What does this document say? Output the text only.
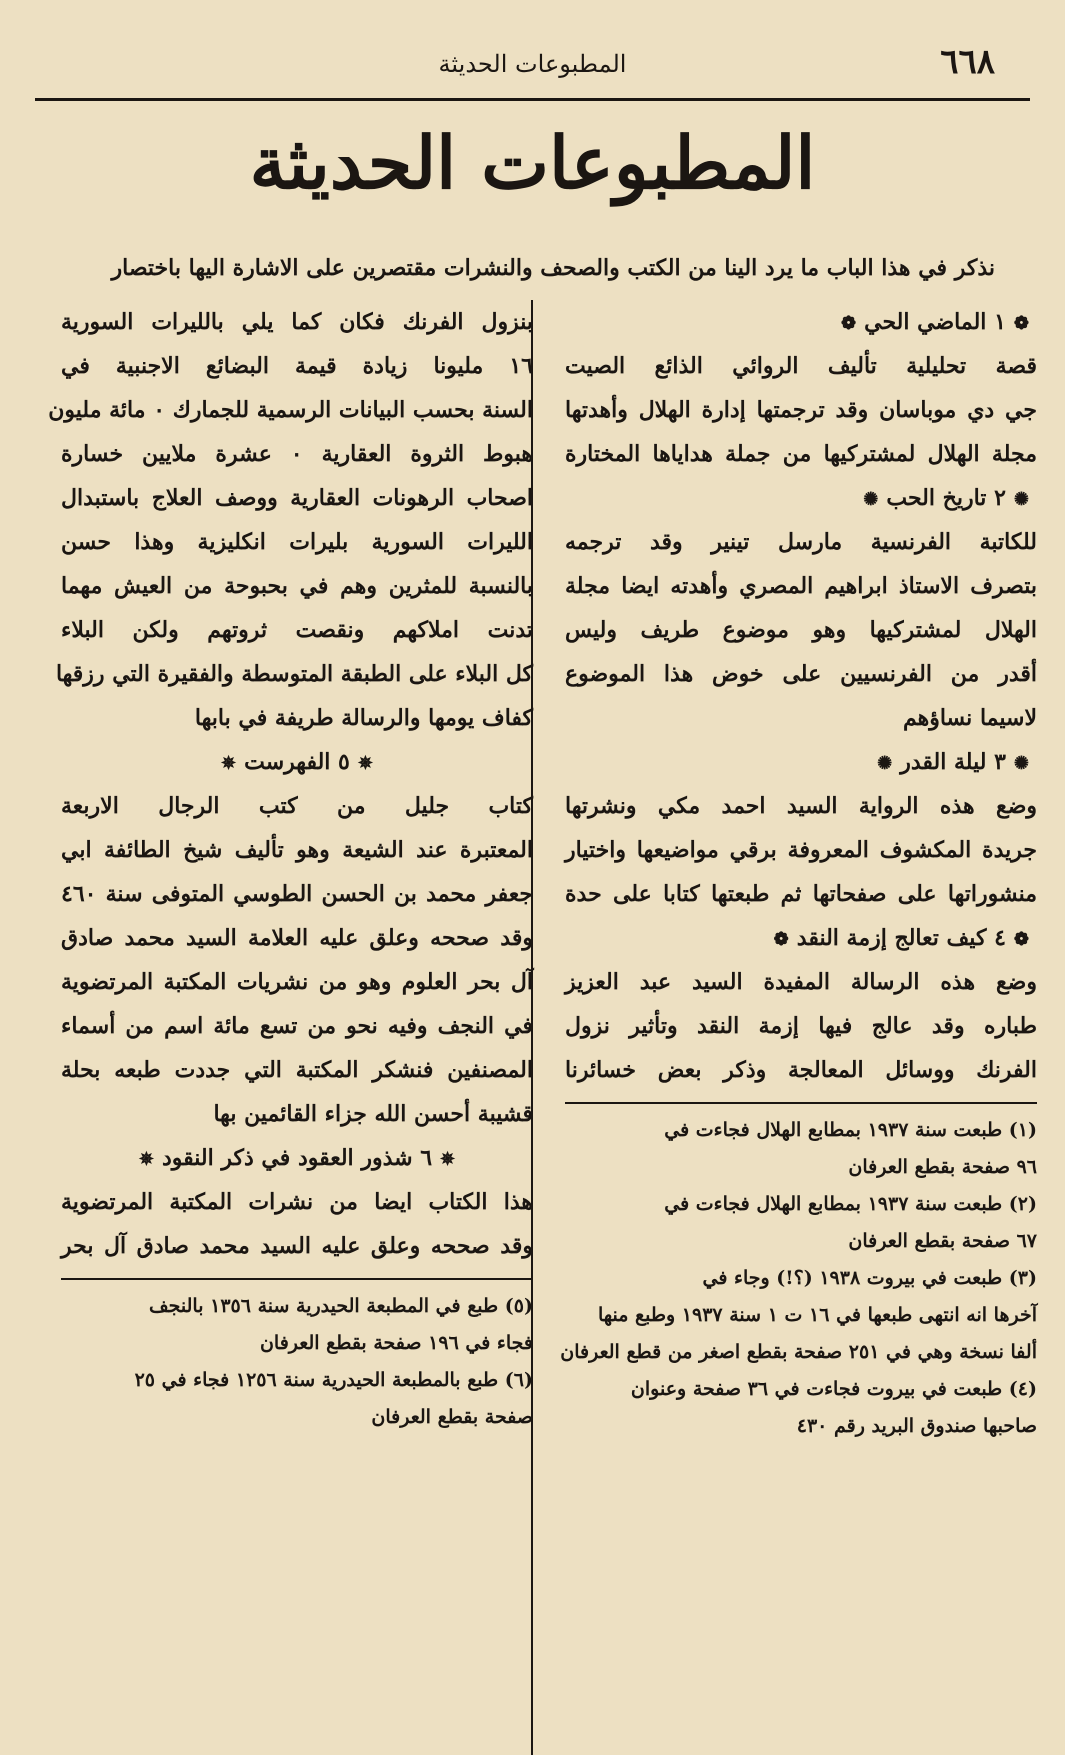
٦٦٨
المطبوعات الحديثة
المطبوعات الحديثة
نذكر في هذا الباب ما يرد الينا من الكتب والصحف والنشرات مقتصرين على الاشارة اليها باختصار
❁١ الماضي الحي❁
قصة تحليلية تأليف الروائي الذائع الصيت
جي دي موباسان وقد ترجمتها إدارة الهلال وأهدتها
مجلة الهلال لمشتركيها من جملة هداياها المختارة
✺٢ تاريخ الحب✺
للكاتبة الفرنسية مارسل تينير وقد ترجمه
بتصرف الاستاذ ابراهيم المصري وأهدته ايضا مجلة
الهلال لمشتركيها وهو موضوع طريف وليس
أقدر من الفرنسيين على خوض هذا الموضوع
لاسيما نساؤهم
✺٣ ليلة القدر✺
وضع هذه الرواية السيد احمد مكي ونشرتها
جريدة المكشوف المعروفة برقي مواضيعها واختيار
منشوراتها على صفحاتها ثم طبعتها كتابا على حدة
❁٤ كيف تعالج إزمة النقد❁
وضع هذه الرسالة المفيدة السيد عبد العزيز
طباره وقد عالج فيها إزمة النقد وتأثير نزول
الفرنك ووسائل المعالجة وذكر بعض خسائرنا
(١) طبعت سنة ١٩٣٧ بمطابع الهلال فجاءت في
٩٦ صفحة بقطع العرفان
(٢) طبعت سنة ١٩٣٧ بمطابع الهلال فجاءت في
٦٧ صفحة بقطع العرفان
(٣) طبعت في بيروت ١٩٣٨ (؟!) وجاء في
آخرها انه انتهى طبعها في ١٦ ت ١ سنة ١٩٣٧ وطبع منها
ألفا نسخة وهي في ٢٥١ صفحة بقطع اصغر من قطع العرفان
(٤) طبعت في بيروت فجاءت في ٣٦ صفحة وعنوان
صاحبها صندوق البريد رقم ٤٣٠
بنزول الفرنك فكان كما يلي بالليرات السورية
١٦ مليونا زيادة قيمة البضائع الاجنبية في
السنة بحسب البيانات الرسمية للجمارك ٠ مائة مليون
هبوط الثروة العقارية ٠ عشرة ملايين خسارة
اصحاب الرهونات العقارية ووصف العلاج باستبدال
الليرات السورية بليرات انكليزية وهذا حسن
بالنسبة للمثرين وهم في بحبوحة من العيش مهما
تدنت املاكهم ونقصت ثروتهم ولكن البلاء
كل البلاء على الطبقة المتوسطة والفقيرة التي رزقها
كفاف يومها والرسالة طريفة في بابها
✵٥ الفهرست✵
كتاب جليل من كتب الرجال الاربعة
المعتبرة عند الشيعة وهو تأليف شيخ الطائفة ابي
جعفر محمد بن الحسن الطوسي المتوفى سنة ٤٦٠
وقد صححه وعلق عليه العلامة السيد محمد صادق
آل بحر العلوم وهو من نشريات المكتبة المرتضوية
في النجف وفيه نحو من تسع مائة اسم من أسماء
المصنفين فنشكر المكتبة التي جددت طبعه بحلة
قشيبة أحسن الله جزاء القائمين بها
✵٦ شذور العقود في ذكر النقود✵
هذا الكتاب ايضا من نشرات المكتبة المرتضوية
وقد صححه وعلق عليه السيد محمد صادق آل بحر
(٥) طبع في المطبعة الحيدرية سنة ١٣٥٦ بالنجف
فجاء في ١٩٦ صفحة بقطع العرفان
(٦) طبع بالمطبعة الحيدرية سنة ١٢٥٦ فجاء في ٢٥
صفحة بقطع العرفان
